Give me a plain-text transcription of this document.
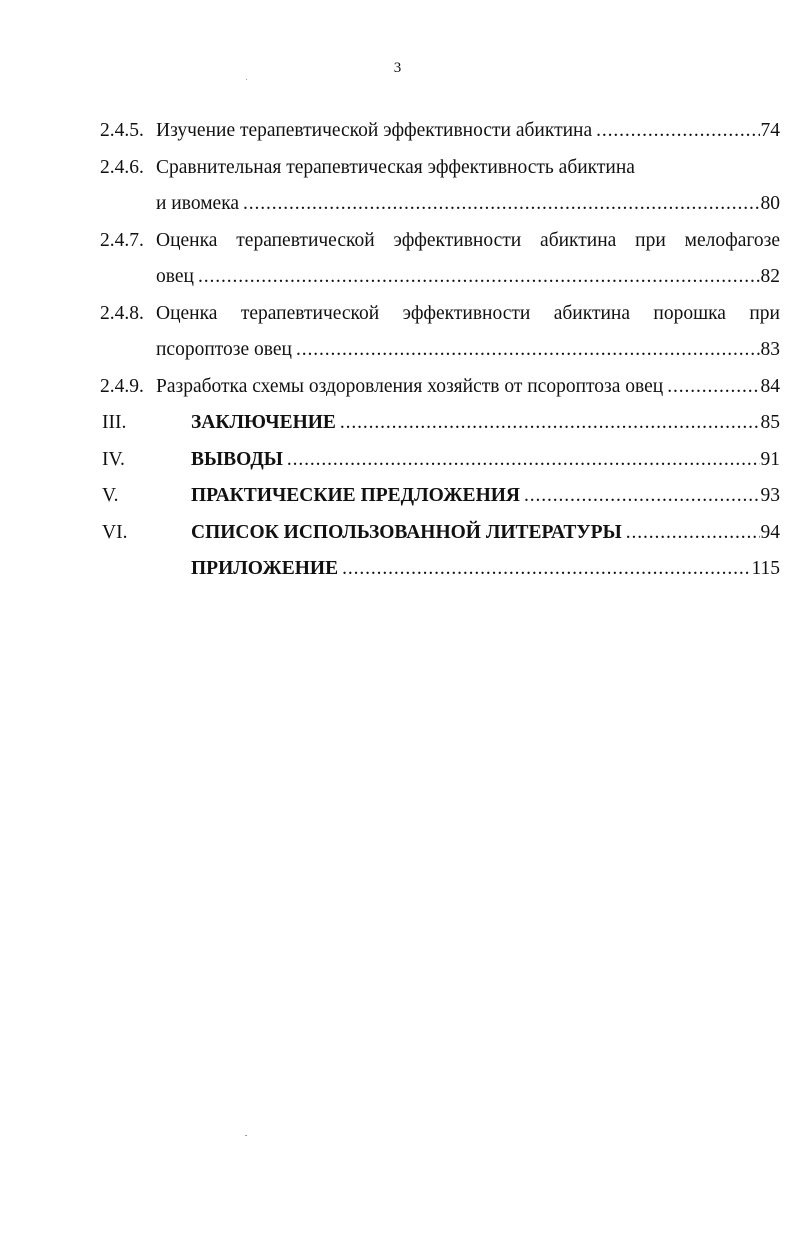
3
2.4.5. Изучение терапевтической эффективности абиктина . . .	74
2.4.6. Сравнительная терапевтическая эффективность абиктина
и ивомека . . .	80
2.4.7. Оценка терапевтической эффективности абиктина при мелофагозе
овец . . .	82
2.4.8. Оценка терапевтической эффективности абиктина порошка при
псороптозе овец . . .	83
2.4.9. Разработка схемы оздоровления хозяйств от псороптоза овец . . .	84
III.	ЗАКЛЮЧЕНИЕ . . .	85
IV.	ВЫВОДЫ . . .	91
V.	ПРАКТИЧЕСКИЕ ПРЕДЛОЖЕНИЯ . . .	93
VI.	СПИСОК ИСПОЛЬЗОВАННОЙ ЛИТЕРАТУРЫ . . .	94
ПРИЛОЖЕНИЕ . . .	115
